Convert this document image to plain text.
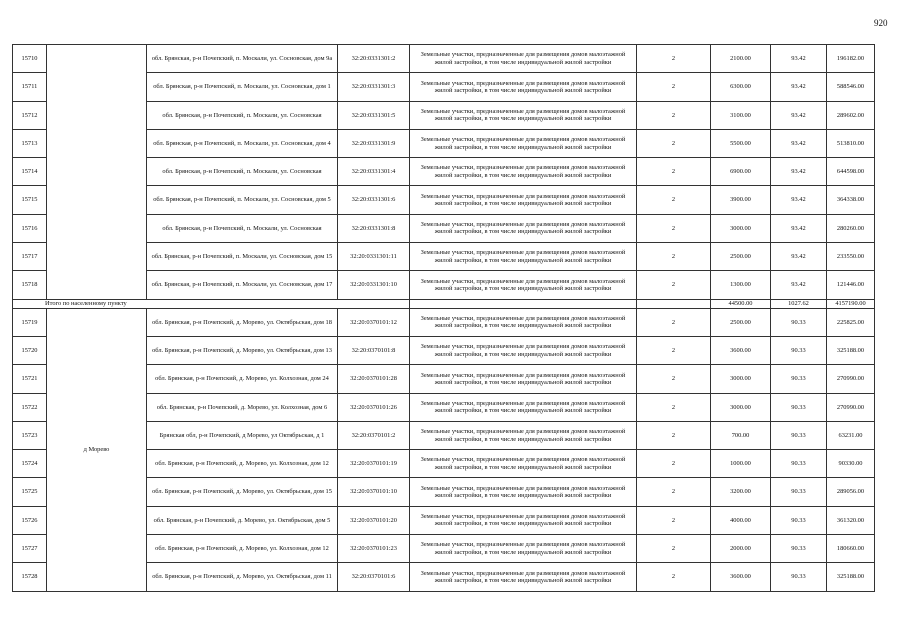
920
15710		обл. Брянская, р-н Почепский, п. Москали, ул. Сосновская, дом 9а	32:20:0331301:2	Земельные участки, предназначенные для размещения домов малоэтажной жилой застройки, в том числе индивидуальной жилой застройки	2	2100.00	93.42	196182.00
15711		обл. Брянская, р-н Почепский, п. Москали, ул. Сосновская, дом 1	32:20:0331301:3	Земельные участки, предназначенные для размещения домов малоэтажной жилой застройки, в том числе индивидуальной жилой застройки	2	6300.00	93.42	588546.00
15712		обл. Брянская, р-н Почепский, п. Москали, ул. Сосновская	32:20:0331301:5	Земельные участки, предназначенные для размещения домов малоэтажной жилой застройки, в том числе индивидуальной жилой застройки	2	3100.00	93.42	289602.00
15713		обл. Брянская, р-н Почепский, п. Москали, ул. Сосновская, дом 4	32:20:0331301:9	Земельные участки, предназначенные для размещения домов малоэтажной жилой застройки, в том числе индивидуальной жилой застройки	2	5500.00	93.42	513810.00
15714		обл. Брянская, р-н Почепский, п. Москали, ул. Сосновская	32:20:0331301:4	Земельные участки, предназначенные для размещения домов малоэтажной жилой застройки, в том числе индивидуальной жилой застройки	2	6900.00	93.42	644598.00
15715		обл. Брянская, р-н Почепский, п. Москали, ул. Сосновская, дом 5	32:20:0331301:6	Земельные участки, предназначенные для размещения домов малоэтажной жилой застройки, в том числе индивидуальной жилой застройки	2	3900.00	93.42	364338.00
15716		обл. Брянская, р-н Почепский, п. Москали, ул. Сосновская	32:20:0331301:8	Земельные участки, предназначенные для размещения домов малоэтажной жилой застройки, в том числе индивидуальной жилой застройки	2	3000.00	93.42	280260.00
15717		обл. Брянская, р-н Почепский, п. Москали, ул. Сосновская, дом 15	32:20:0331301:11	Земельные участки, предназначенные для размещения домов малоэтажной жилой застройки, в том числе индивидуальной жилой застройки	2	2500.00	93.42	233550.00
15718		обл. Брянская, р-н Почепский, п. Москали, ул. Сосновская, дом 17	32:20:0331301:10	Земельные участки, предназначенные для размещения домов малоэтажной жилой застройки, в том числе индивидуальной жилой застройки	2	1300.00	93.42	121446.00
Итого по населенному пункту						44500.00	1027.62	4157190.00
15719	д Морево	обл. Брянская, р-н Почепский, д. Морево, ул. Октябрьская, дом 18	32:20:0370101:12	Земельные участки, предназначенные для размещения домов малоэтажной жилой застройки, в том числе индивидуальной жилой застройки	2	2500.00	90.33	225825.00
15720		обл. Брянская, р-н Почепский, д. Морево, ул. Октябрьская, дом 13	32:20:0370101:8	Земельные участки, предназначенные для размещения домов малоэтажной жилой застройки, в том числе индивидуальной жилой застройки	2	3600.00	90.33	325188.00
15721		обл. Брянская, р-н Почепский, д. Морево, ул. Колхозная, дом 24	32:20:0370101:28	Земельные участки, предназначенные для размещения домов малоэтажной жилой застройки, в том числе индивидуальной жилой застройки	2	3000.00	90.33	270990.00
15722		обл. Брянская, р-н Почепский, д. Морево, ул. Колхозная, дом 6	32:20:0370101:26	Земельные участки, предназначенные для размещения домов малоэтажной жилой застройки, в том числе индивидуальной жилой застройки	2	3000.00	90.33	270990.00
15723		Брянская обл, р-н Почепский, д Морево, ул Октябрьская, д 1	32:20:0370101:2	Земельные участки, предназначенные для размещения домов малоэтажной жилой застройки, в том числе индивидуальной жилой застройки	2	700.00	90.33	63231.00
15724		обл. Брянская, р-н Почепский, д. Морево, ул. Колхозная, дом 12	32:20:0370101:19	Земельные участки, предназначенные для размещения домов малоэтажной жилой застройки, в том числе индивидуальной жилой застройки	2	1000.00	90.33	90330.00
15725		обл. Брянская, р-н Почепский, д. Морево, ул. Октябрьская, дом 15	32:20:0370101:10	Земельные участки, предназначенные для размещения домов малоэтажной жилой застройки, в том числе индивидуальной жилой застройки	2	3200.00	90.33	289056.00
15726		обл. Брянская, р-н Почепский, д. Морево, ул. Октябрьская, дом 5	32:20:0370101:20	Земельные участки, предназначенные для размещения домов малоэтажной жилой застройки, в том числе индивидуальной жилой застройки	2	4000.00	90.33	361320.00
15727		обл. Брянская, р-н Почепский, д. Морево, ул. Колхозная, дом 12	32:20:0370101:23	Земельные участки, предназначенные для размещения домов малоэтажной жилой застройки, в том числе индивидуальной жилой застройки	2	2000.00	90.33	180660.00
15728		обл. Брянская, р-н Почепский, д. Морево, ул. Октябрьская, дом 11	32:20:0370101:6	Земельные участки, предназначенные для размещения домов малоэтажной жилой застройки, в том числе индивидуальной жилой застройки	2	3600.00	90.33	325188.00
